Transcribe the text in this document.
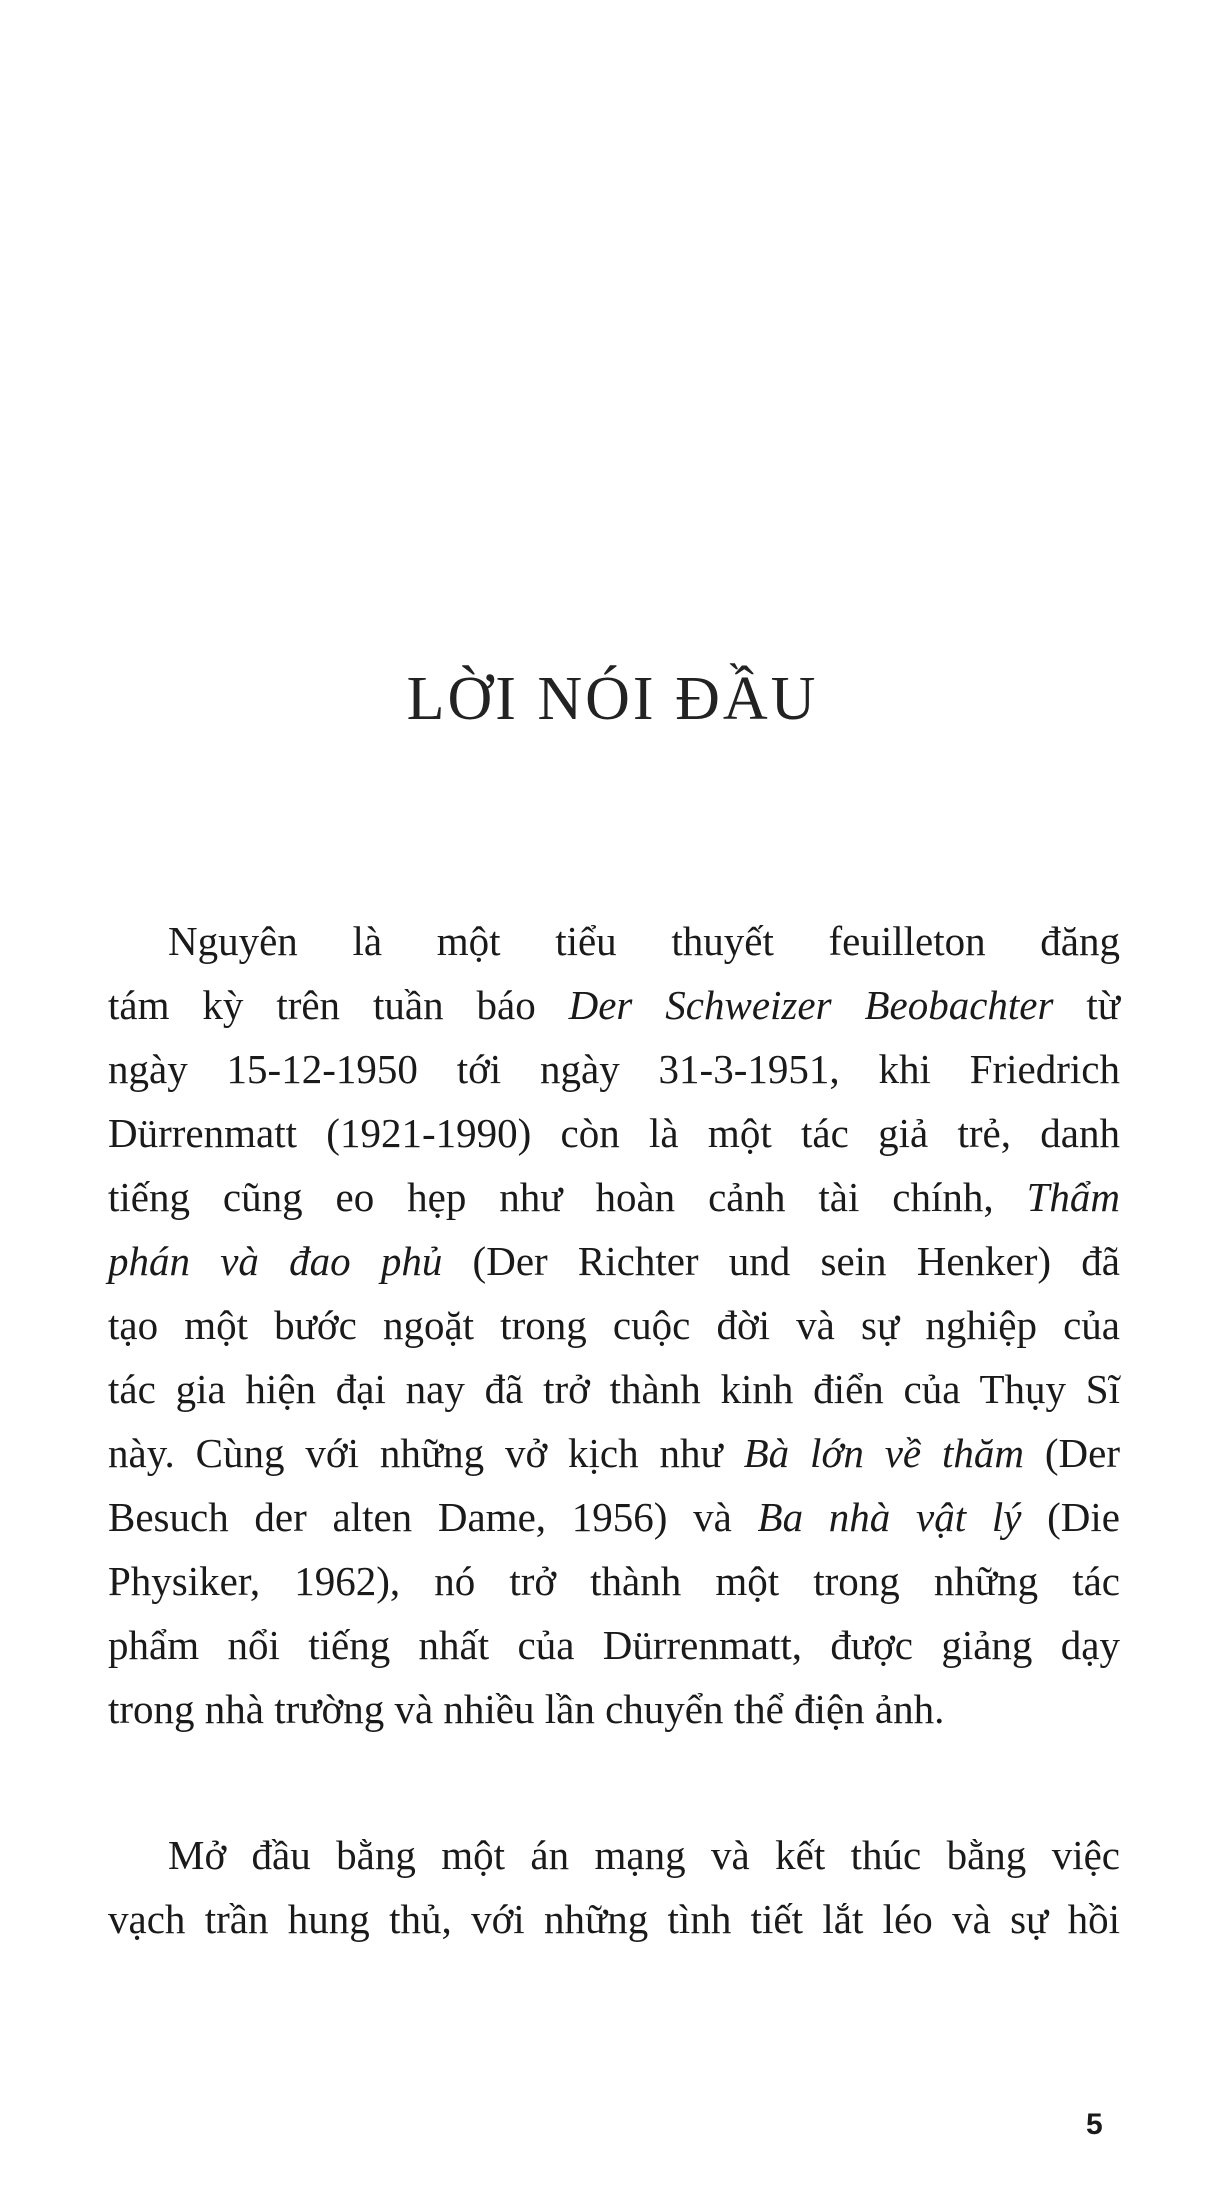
LỜI NÓI ĐẦU
Nguyên là một tiểu thuyết feuilleton đăng
tám kỳ trên tuần báo Der Schweizer Beobachter từ
ngày 15-12-1950 tới ngày 31-3-1951, khi Friedrich
Dürrenmatt (1921-1990) còn là một tác giả trẻ, danh
tiếng cũng eo hẹp như hoàn cảnh tài chính, Thẩm
phán và đao phủ (Der Richter und sein Henker) đã
tạo một bước ngoặt trong cuộc đời và sự nghiệp của
tác gia hiện đại nay đã trở thành kinh điển của Thụy Sĩ
này. Cùng với những vở kịch như Bà lớn về thăm (Der
Besuch der alten Dame, 1956) và Ba nhà vật lý (Die
Physiker, 1962), nó trở thành một trong những tác
phẩm nổi tiếng nhất của Dürrenmatt, được giảng dạy
trong nhà trường và nhiều lần chuyển thể điện ảnh.
Mở đầu bằng một án mạng và kết thúc bằng việc
vạch trần hung thủ, với những tình tiết lắt léo và sự hồi
5
